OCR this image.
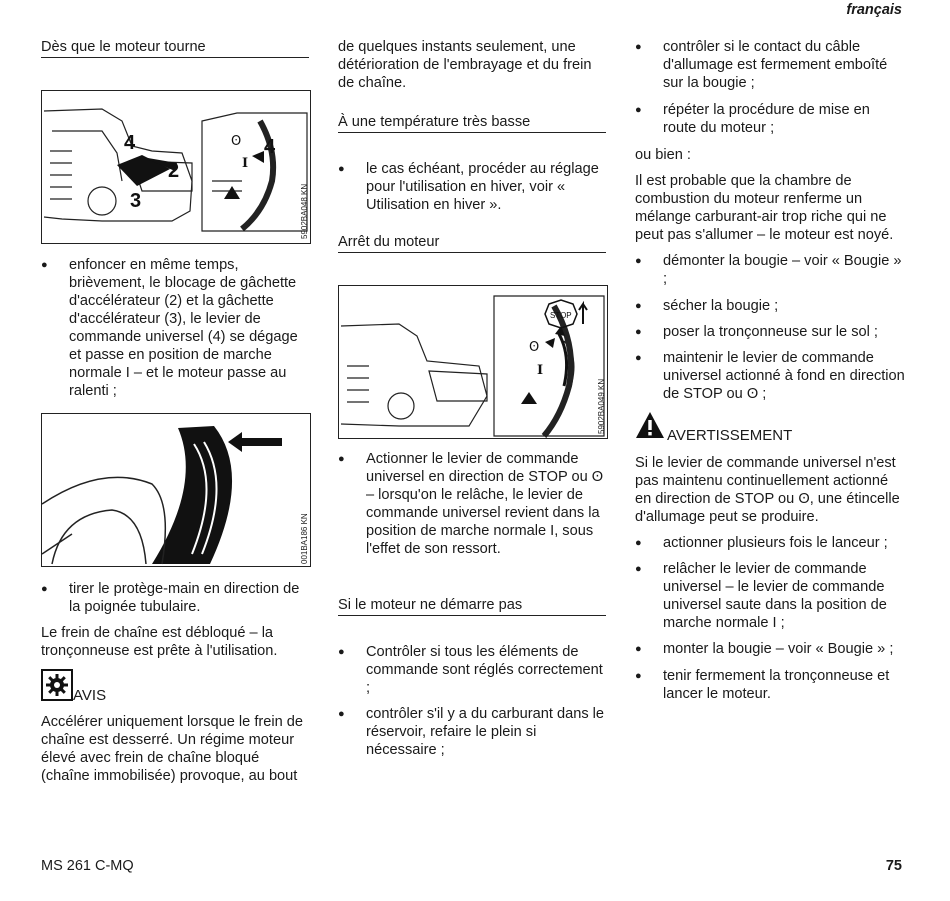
français
Dès que le moteur tourne
4
2
3
4
I
ʘ
5902BA048 KN
● enfoncer en même temps, brièvement, le blocage de gâchette d'accélérateur (2) et la gâchette d'accélérateur (3), le levier de commande universel (4) se dégage et passe en position de marche normale I – et le moteur passe au ralenti ;
001BA186 KN
● tirer le protège-main en direction de la poignée tubulaire.
Le frein de chaîne est débloqué – la tronçonneuse est prête à l'utilisation.
AVIS
Accélérer uniquement lorsque le frein de chaîne est desserré. Un régime moteur élevé avec frein de chaîne bloqué (chaîne immobilisée) provoque, au bout
de quelques instants seulement, une détérioration de l'embrayage et du frein de chaîne.
À une température très basse
● le cas échéant, procéder au réglage pour l'utilisation en hiver, voir « Utilisation en hiver ».
Arrêt du moteur
STOP
ʘ
I
5902BA049 KN
● Actionner le levier de commande universel en direction de STOP ou ʘ – lorsqu'on le relâche, le levier de commande universel revient dans la position de marche normale I, sous l'effet de son ressort.
Si le moteur ne démarre pas
● Contrôler si tous les éléments de commande sont réglés correctement ;
● contrôler s'il y a du carburant dans le réservoir, refaire le plein si nécessaire ;
● contrôler si le contact du câble d'allumage est fermement emboîté sur la bougie ;
● répéter la procédure de mise en route du moteur ;
ou bien :
Il est probable que la chambre de combustion du moteur renferme un mélange carburant-air trop riche qui ne peut pas s'allumer – le moteur est noyé.
● démonter la bougie – voir « Bougie » ;
● sécher la bougie ;
● poser la tronçonneuse sur le sol ;
● maintenir le levier de commande universel actionné à fond en direction de STOP ou ʘ ;
AVERTISSEMENT
Si le levier de commande universel n'est pas maintenu continuellement actionné en direction de STOP ou ʘ, une étincelle d'allumage peut se produire.
● actionner plusieurs fois le lanceur ;
● relâcher le levier de commande universel – le levier de commande universel saute dans la position de marche normale I ;
● monter la bougie – voir « Bougie » ;
● tenir fermement la tronçonneuse et lancer le moteur.
MS 261 C-MQ	75
